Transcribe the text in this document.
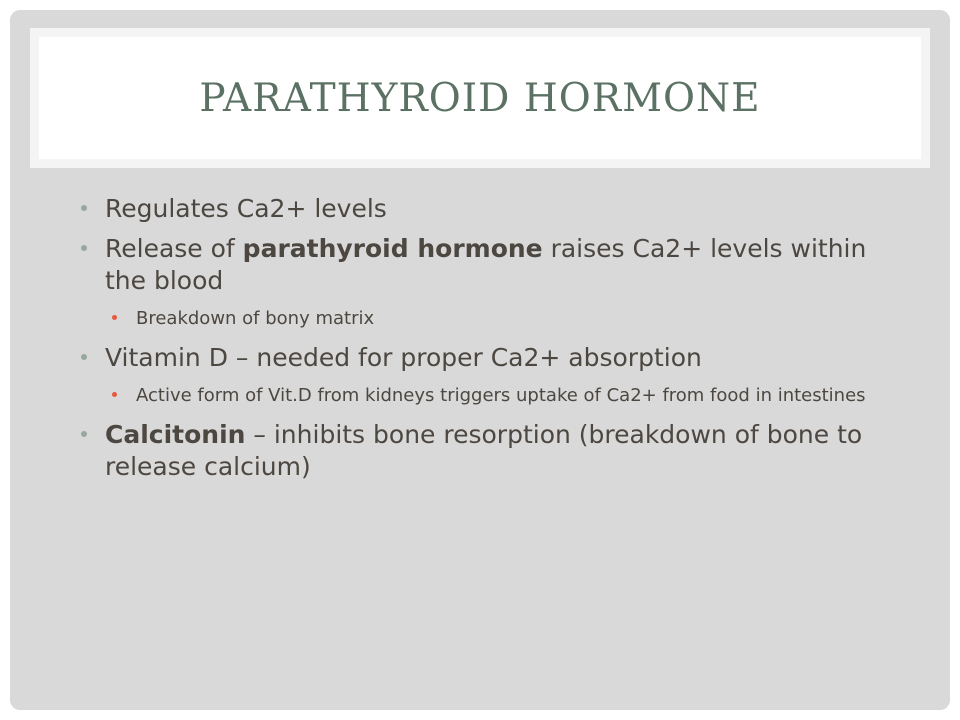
PARATHYROID HORMONE
Regulates Ca2+ levels
Release of parathyroid hormone raises Ca2+ levels within the blood
Breakdown of bony matrix
Vitamin D – needed for proper Ca2+ absorption
Active form of Vit.D from kidneys triggers uptake of Ca2+ from food in intestines
Calcitonin – inhibits bone resorption (breakdown of bone to release calcium)
